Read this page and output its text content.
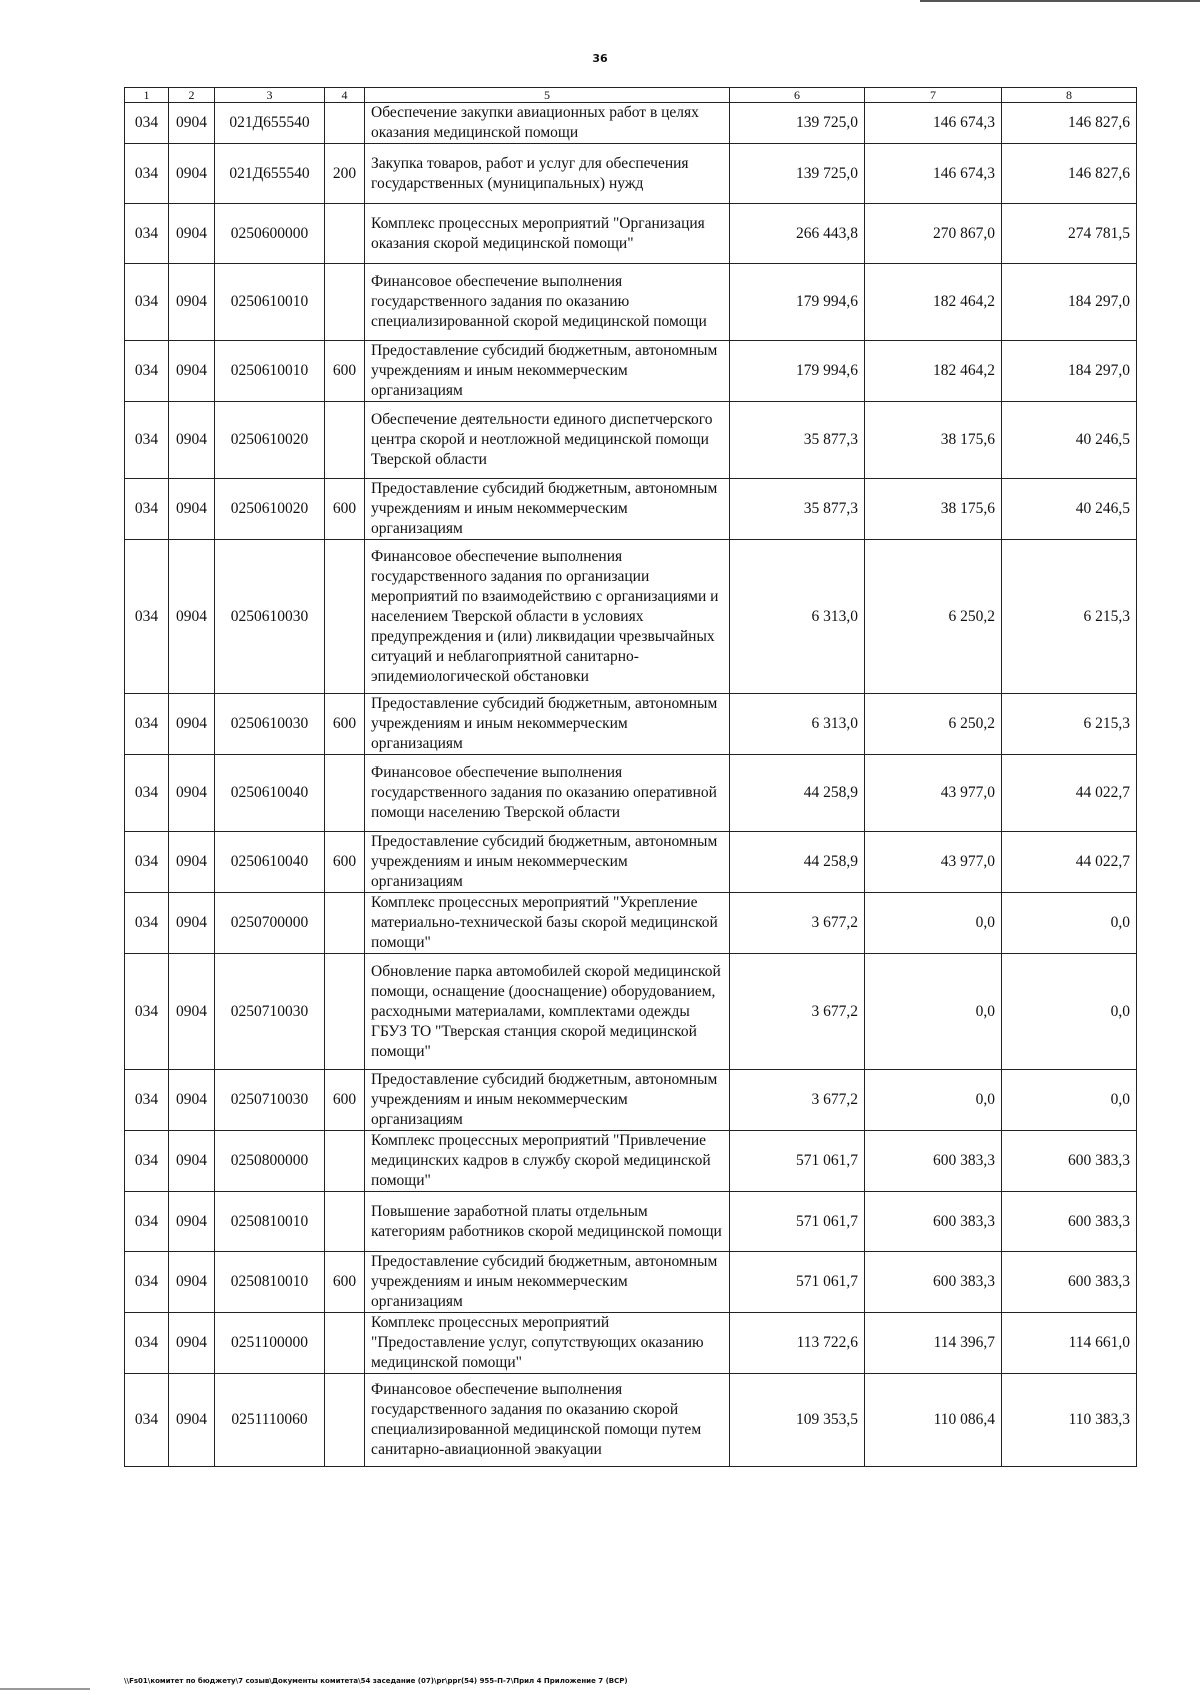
36
1	2	3	4	5	6	7	8
034	0904	021Д655540		Обеспечение закупки авиационных работ в целях оказания медицинской помощи	139 725,0	146 674,3	146 827,6
034	0904	021Д655540	200	Закупка товаров, работ и услуг для обеспечения государственных (муниципальных) нужд	139 725,0	146 674,3	146 827,6
034	0904	0250600000		Комплекс процессных мероприятий "Организация оказания скорой медицинской помощи"	266 443,8	270 867,0	274 781,5
034	0904	0250610010		Финансовое обеспечение выполнения государственного задания по оказанию специализированной скорой медицинской помощи	179 994,6	182 464,2	184 297,0
034	0904	0250610010	600	Предоставление субсидий бюджетным, автономным учреждениям и иным некоммерческим организациям	179 994,6	182 464,2	184 297,0
034	0904	0250610020		Обеспечение деятельности единого диспетчерского центра скорой и неотложной медицинской помощи Тверской области	35 877,3	38 175,6	40 246,5
034	0904	0250610020	600	Предоставление субсидий бюджетным, автономным учреждениям и иным некоммерческим организациям	35 877,3	38 175,6	40 246,5
034	0904	0250610030		Финансовое обеспечение выполнения государственного задания по организации мероприятий по взаимодействию с организациями и населением Тверской области в условиях предупреждения и (или) ликвидации чрезвычайных ситуаций и неблагоприятной санитарно-эпидемиологической обстановки	6 313,0	6 250,2	6 215,3
034	0904	0250610030	600	Предоставление субсидий бюджетным, автономным учреждениям и иным некоммерческим организациям	6 313,0	6 250,2	6 215,3
034	0904	0250610040		Финансовое обеспечение выполнения государственного задания по оказанию оперативной помощи населению Тверской области	44 258,9	43 977,0	44 022,7
034	0904	0250610040	600	Предоставление субсидий бюджетным, автономным учреждениям и иным некоммерческим организациям	44 258,9	43 977,0	44 022,7
034	0904	0250700000		Комплекс процессных мероприятий "Укрепление материально-технической базы скорой медицинской помощи"	3 677,2	0,0	0,0
034	0904	0250710030		Обновление парка автомобилей скорой медицинской помощи, оснащение (дооснащение) оборудованием, расходными материалами, комплектами одежды ГБУЗ ТО "Тверская станция скорой медицинской помощи"	3 677,2	0,0	0,0
034	0904	0250710030	600	Предоставление субсидий бюджетным, автономным учреждениям и иным некоммерческим организациям	3 677,2	0,0	0,0
034	0904	0250800000		Комплекс процессных мероприятий "Привлечение медицинских кадров в службу скорой медицинской помощи"	571 061,7	600 383,3	600 383,3
034	0904	0250810010		Повышение заработной платы отдельным категориям работников скорой медицинской помощи	571 061,7	600 383,3	600 383,3
034	0904	0250810010	600	Предоставление субсидий бюджетным, автономным учреждениям и иным некоммерческим организациям	571 061,7	600 383,3	600 383,3
034	0904	0251100000		Комплекс процессных мероприятий "Предоставление услуг, сопутствующих оказанию медицинской помощи"	113 722,6	114 396,7	114 661,0
034	0904	0251110060		Финансовое обеспечение выполнения государственного задания по оказанию скорой специализированной медицинской помощи путем санитарно-авиационной эвакуации	109 353,5	110 086,4	110 383,3
\\Fs01\комитет по бюджету\7 созыв\Документы комитета\54 заседание (07)\pr\ppr(54) 955-П-7\Прил 4 Приложение 7 (ВСР)
